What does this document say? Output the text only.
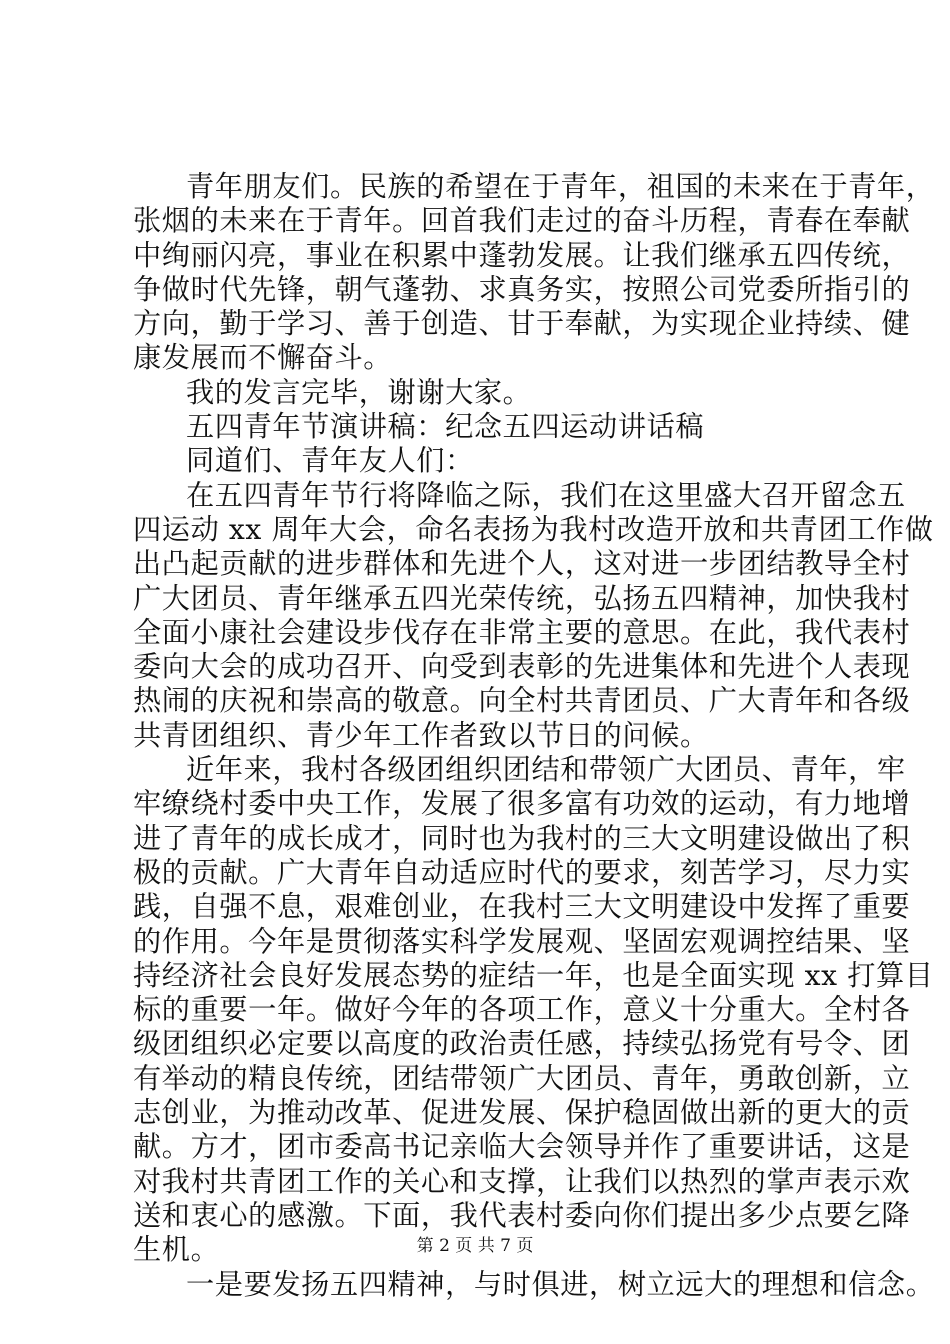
青年朋友们。民族的希望在于青年，祖国的未来在于青年，
张烟的未来在于青年。回首我们走过的奋斗历程，青春在奉献
中绚丽闪亮，事业在积累中蓬勃发展。让我们继承五四传统，
争做时代先锋，朝气蓬勃、求真务实，按照公司党委所指引的
方向，勤于学习、善于创造、甘于奉献，为实现企业持续、健
康发展而不懈奋斗。
我的发言完毕，谢谢大家。
五四青年节演讲稿：纪念五四运动讲话稿
同道们、青年友人们：
在五四青年节行将降临之际，我们在这里盛大召开留念五
四运动 xx 周年大会，命名表扬为我村改造开放和共青团工作做
出凸起贡献的进步群体和先进个人，这对进一步团结教导全村
广大团员、青年继承五四光荣传统，弘扬五四精神，加快我村
全面小康社会建设步伐存在非常主要的意思。在此，我代表村
委向大会的成功召开、向受到表彰的先进集体和先进个人表现
热闹的庆祝和崇高的敬意。向全村共青团员、广大青年和各级
共青团组织、青少年工作者致以节日的问候。
近年来，我村各级团组织团结和带领广大团员、青年，牢
牢缭绕村委中央工作，发展了很多富有功效的运动，有力地增
进了青年的成长成才，同时也为我村的三大文明建设做出了积
极的贡献。广大青年自动适应时代的要求，刻苦学习，尽力实
践，自强不息，艰难创业，在我村三大文明建设中发挥了重要
的作用。今年是贯彻落实科学发展观、坚固宏观调控结果、坚
持经济社会良好发展态势的症结一年，也是全面实现 xx 打算目
标的重要一年。做好今年的各项工作，意义十分重大。全村各
级团组织必定要以高度的政治责任感，持续弘扬党有号令、团
有举动的精良传统，团结带领广大团员、青年，勇敢创新，立
志创业，为推动改革、促进发展、保护稳固做出新的更大的贡
献。方才，团市委高书记亲临大会领导并作了重要讲话，这是
对我村共青团工作的关心和支撑，让我们以热烈的掌声表示欢
送和衷心的感激。下面，我代表村委向你们提出多少点要乞降
生机。
一是要发扬五四精神，与时俱进，树立远大的理想和信念。
第 2 页 共 7 页
